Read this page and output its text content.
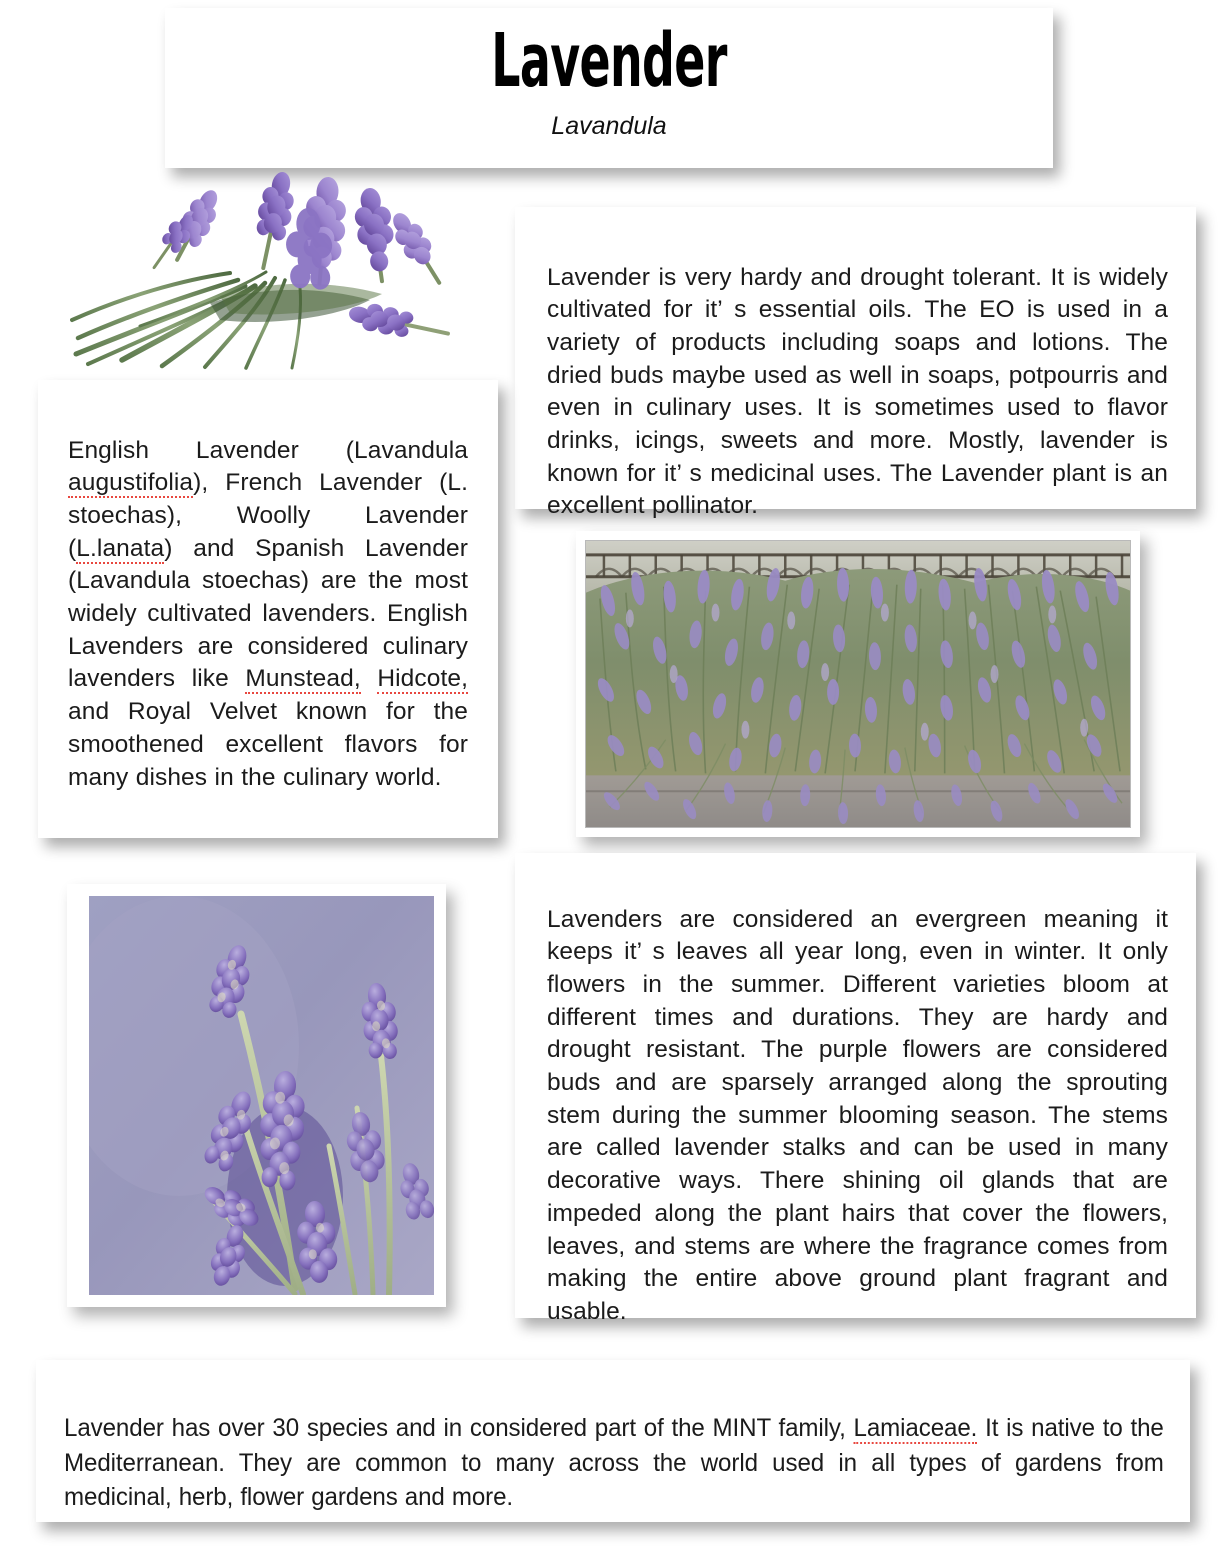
Lavender
Lavandula

Lavender is very hardy and drought tolerant. It is widely cultivated for it’ s essential oils. The EO is used in a variety of products including soaps and lotions. The dried buds maybe used as well in soaps, potpourris and even in culinary uses. It is sometimes used to flavor drinks, icings, sweets and more. Mostly, lavender is known for it’ s medicinal uses. The Lavender plant is an excellent pollinator.

English Lavender (Lavandula augustifolia), French Lavender (L. stoechas), Woolly Lavender (L.lanata) and Spanish Lavender (Lavandula stoechas) are the most widely cultivated lavenders. English Lavenders are considered culinary lavenders like Munstead, Hidcote, and Royal Velvet known for the smoothened excellent flavors for many dishes in the culinary world.

Lavenders are considered an evergreen meaning it keeps it’ s leaves all year long, even in winter. It only flowers in the summer. Different varieties bloom at different times and durations. They are hardy and drought resistant. The purple flowers are considered buds and are sparsely arranged along the sprouting stem during the summer blooming season. The stems are called lavender stalks and can be used in many decorative ways. There shining oil glands that are impeded along the plant hairs that cover the flowers, leaves, and stems are where the fragrance comes from making the entire above ground plant fragrant and usable.

Lavender has over 30 species and in considered part of the MINT family, Lamiaceae. It is native to the Mediterranean. They are common to many across the world used in all types of gardens from medicinal, herb, flower gardens and more.
